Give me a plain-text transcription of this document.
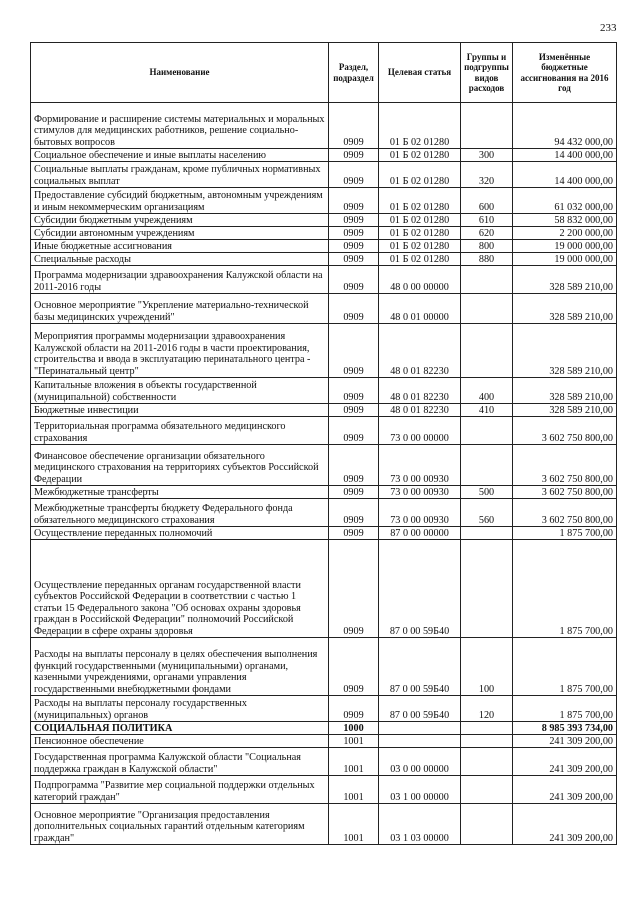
233
Наименование	Раздел, подраздел	Целевая статья	Группы и подгруппы видов расходов	Изменённые бюджетные ассигнования на 2016 год
Формирование и расширение системы материальных и моральных стимулов для медицинских работников, решение социально-бытовых вопросов	0909	01 Б 02 01280		94 432 000,00
Социальное обеспечение и иные выплаты населению	0909	01 Б 02 01280	300	14 400 000,00
Социальные выплаты гражданам, кроме публичных нормативных социальных выплат	0909	01 Б 02 01280	320	14 400 000,00
Предоставление субсидий бюджетным, автономным учреждениям и иным некоммерческим организациям	0909	01 Б 02 01280	600	61 032 000,00
Субсидии бюджетным учреждениям	0909	01 Б 02 01280	610	58 832 000,00
Субсидии автономным учреждениям	0909	01 Б 02 01280	620	2 200 000,00
Иные бюджетные ассигнования	0909	01 Б 02 01280	800	19 000 000,00
Специальные расходы	0909	01 Б 02 01280	880	19 000 000,00
Программа модернизации здравоохранения Калужской области на 2011-2016 годы	0909	48 0 00 00000		328 589 210,00
Основное мероприятие "Укрепление материально-технической базы медицинских учреждений"	0909	48 0 01 00000		328 589 210,00
Мероприятия программы модернизации здравоохранения Калужской области на 2011-2016 годы в части проектирования, строительства и ввода в эксплуатацию перинатального центра - "Перинатальный центр"	0909	48 0 01 82230		328 589 210,00
Капитальные вложения в объекты государственной (муниципальной) собственности	0909	48 0 01 82230	400	328 589 210,00
Бюджетные инвестиции	0909	48 0 01 82230	410	328 589 210,00
Территориальная программа обязательного медицинского страхования	0909	73 0 00 00000		3 602 750 800,00
Финансовое обеспечение организации обязательного медицинского страхования на территориях субъектов Российской Федерации	0909	73 0 00 00930		3 602 750 800,00
Межбюджетные трансферты	0909	73 0 00 00930	500	3 602 750 800,00
Межбюджетные трансферты бюджету Федерального фонда обязательного медицинского страхования	0909	73 0 00 00930	560	3 602 750 800,00
Осуществление переданных полномочий	0909	87 0 00 00000		1 875 700,00
Осуществление переданных органам государственной власти субъектов Российской Федерации в соответствии с частью 1 статьи 15 Федерального закона "Об основах охраны здоровья граждан в Российской Федерации" полномочий Российской Федерации в сфере охраны здоровья	0909	87 0 00 59Б40		1 875 700,00
Расходы на выплаты персоналу в целях обеспечения выполнения функций государственными (муниципальными) органами, казенными учреждениями, органами управления государственными внебюджетными фондами	0909	87 0 00 59Б40	100	1 875 700,00
Расходы на выплаты персоналу государственных (муниципальных) органов	0909	87 0 00 59Б40	120	1 875 700,00
СОЦИАЛЬНАЯ ПОЛИТИКА	1000			8 985 393 734,00
Пенсионное обеспечение	1001			241 309 200,00
Государственная программа Калужской области "Социальная поддержка граждан в Калужской области"	1001	03 0 00 00000		241 309 200,00
Подпрограмма "Развитие мер социальной поддержки отдельных категорий граждан"	1001	03 1 00 00000		241 309 200,00
Основное мероприятие "Организация предоставления дополнительных социальных гарантий отдельным категориям граждан"	1001	03 1 03 00000		241 309 200,00
